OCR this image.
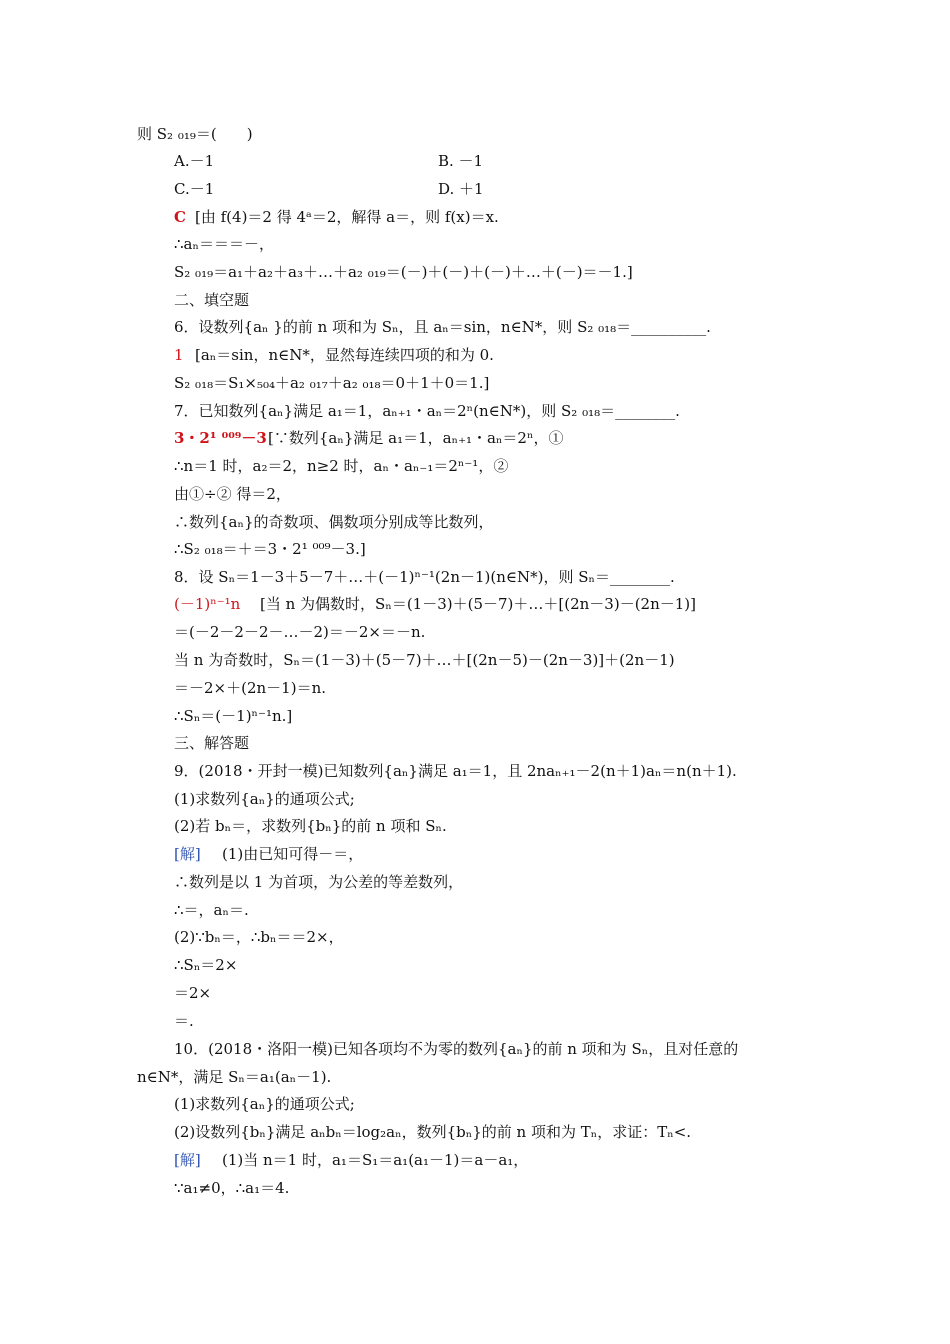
则 S₂ ₀₁₉＝(　　)
A.－1	B. －1
C.－1	D. ＋1
C [由 f(4)＝2 得 4ᵃ＝2，解得 a＝，则 f(x)＝x.
∴aₙ＝＝＝－，
S₂ ₀₁₉＝a₁＋a₂＋a₃＋…＋a₂ ₀₁₉＝(－)＋(－)＋(－)＋…＋(－)＝－1.]
二、填空题
6．设数列{aₙ }的前 n 项和为 Sₙ，且 aₙ＝sin，n∈N*，则 S₂ ₀₁₈＝__________.
1 [aₙ＝sin，n∈N*，显然每连续四项的和为 0.
S₂ ₀₁₈＝S₁×₅₀₄＋a₂ ₀₁₇＋a₂ ₀₁₈＝0＋1＋0＝1.]
7．已知数列{aₙ}满足 a₁＝1，aₙ₊₁・aₙ＝2ⁿ(n∈N*)，则 S₂ ₀₁₈＝________.
3・2¹ ⁰⁰⁹－3 [∵数列{aₙ}满足 a₁＝1，aₙ₊₁・aₙ＝2ⁿ，①
∴n＝1 时，a₂＝2，n≥2 时，aₙ・aₙ₋₁＝2ⁿ⁻¹，②
由①÷② 得＝2，
∴数列{aₙ}的奇数项、偶数项分别成等比数列，
∴S₂ ₀₁₈＝＋＝3・2¹ ⁰⁰⁹－3.]
8．设 Sₙ＝1－3＋5－7＋…＋(－1)ⁿ⁻¹(2n－1)(n∈N*)，则 Sₙ＝________.
(－1)ⁿ⁻¹n [当 n 为偶数时，Sₙ＝(1－3)＋(5－7)＋…＋[(2n－3)－(2n－1)]
＝(－2－2－2－…－2)＝－2×＝－n.
当 n 为奇数时，Sₙ＝(1－3)＋(5－7)＋…＋[(2n－5)－(2n－3)]＋(2n－1)
＝－2×＋(2n－1)＝n.
∴Sₙ＝(－1)ⁿ⁻¹n.]
三、解答题
9．(2018・开封一模)已知数列{aₙ}满足 a₁＝1，且 2naₙ₊₁－2(n＋1)aₙ＝n(n＋1).
(1)求数列{aₙ}的通项公式;
(2)若 bₙ＝，求数列{bₙ}的前 n 项和 Sₙ.
[解] (1)由已知可得－＝，
∴数列是以 1 为首项，为公差的等差数列，
∴＝，aₙ＝.
(2)∵bₙ＝，∴bₙ＝＝2×，
∴Sₙ＝2×
＝2×
＝.
10．(2018・洛阳一模)已知各项均不为零的数列{aₙ}的前 n 项和为 Sₙ，且对任意的
n∈N*，满足 Sₙ＝a₁(aₙ－1).
(1)求数列{aₙ}的通项公式;
(2)设数列{bₙ}满足 aₙbₙ＝log₂aₙ，数列{bₙ}的前 n 项和为 Tₙ，求证：Tₙ<.
[解] (1)当 n＝1 时，a₁＝S₁＝a₁(a₁－1)＝a－a₁，
∵a₁≠0，∴a₁＝4.
